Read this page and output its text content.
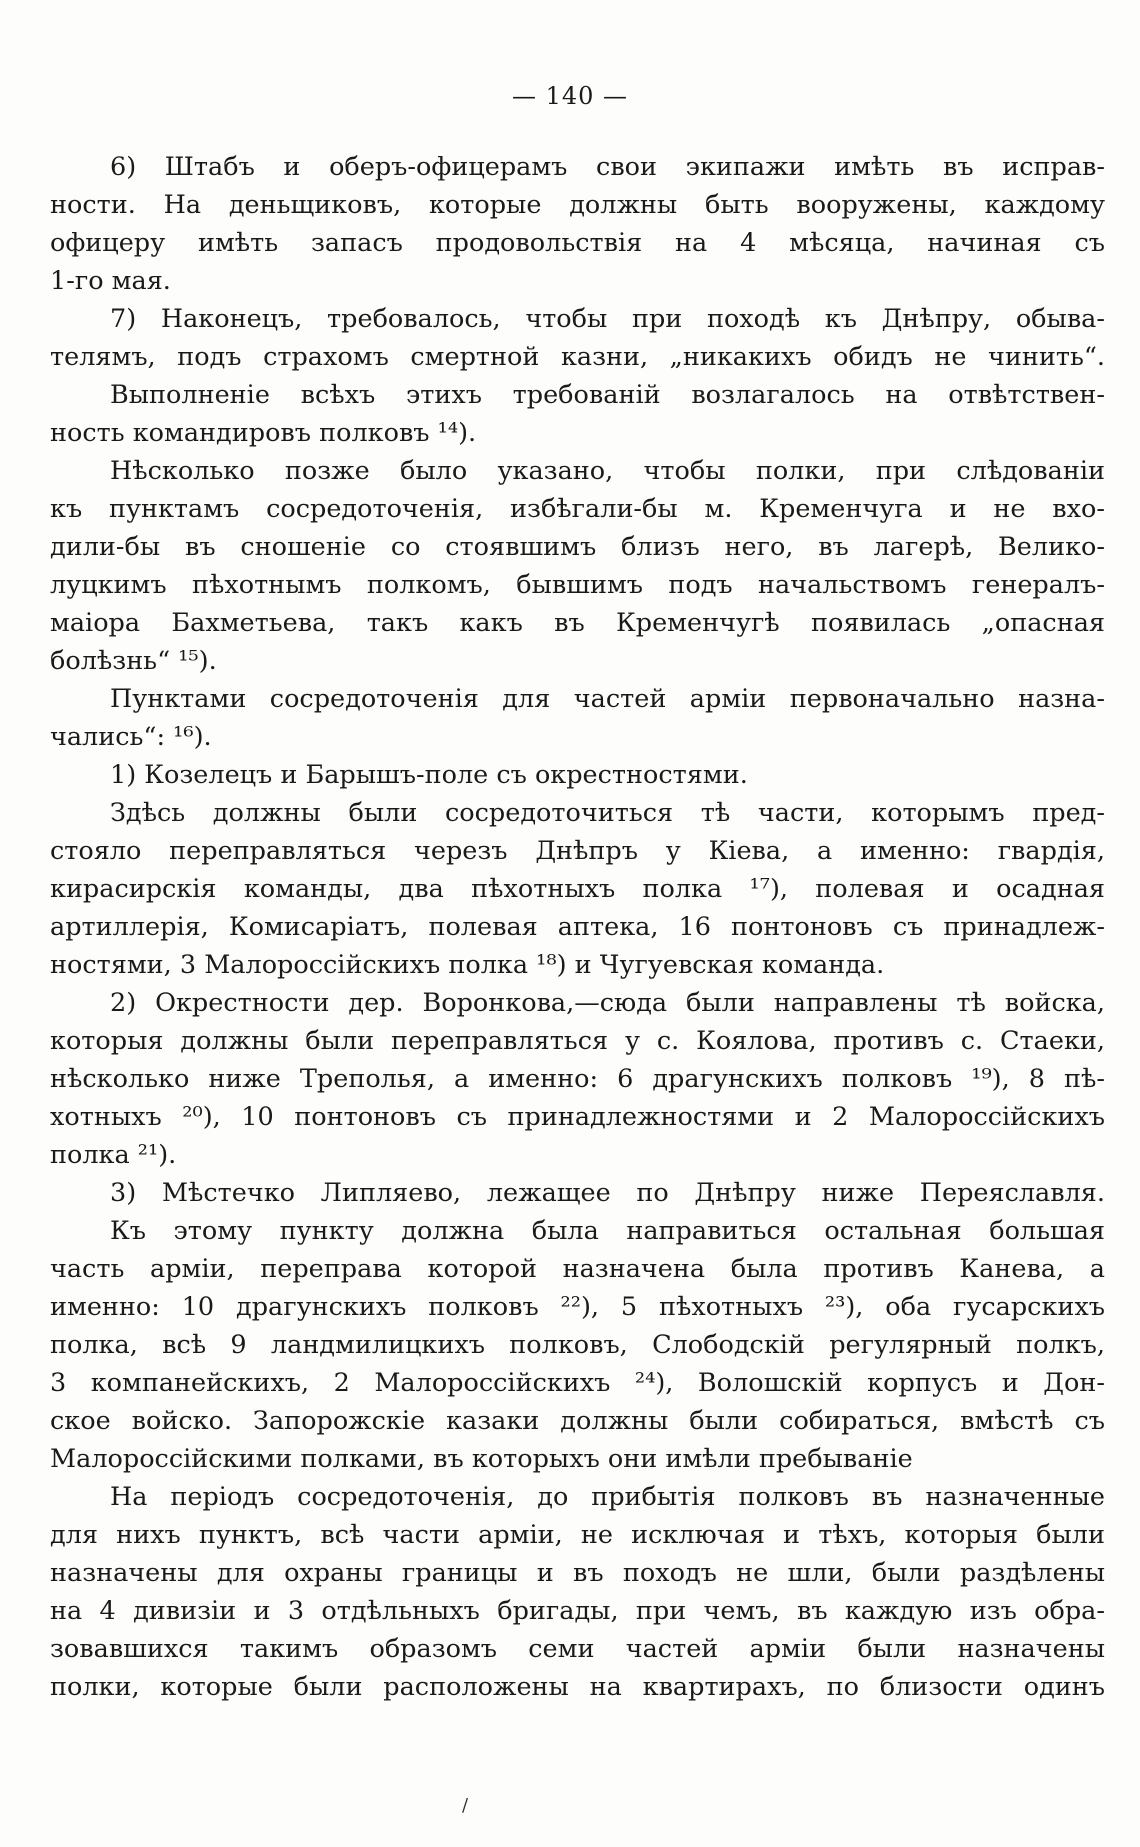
— 140 —
6) Штабъ и оберъ-офицерамъ свои экипажи имѣть въ исправ-
ности. На деньщиковъ, которые должны быть вооружены, каждому
офицеру имѣть запасъ продовольствія на 4 мѣсяца, начиная съ
1-го мая.
7) Наконецъ, требовалось, чтобы при походѣ къ Днѣпру, обыва-
телямъ, подъ страхомъ смертной казни, „никакихъ обидъ не чинить“.
Выполненіе всѣхъ этихъ требованій возлагалось на отвѣтствен-
ность командировъ полковъ ¹⁴).
Нѣсколько позже было указано, чтобы полки, при слѣдованіи
къ пунктамъ сосредоточенія, избѣгали-бы м. Кременчуга и не вхо-
дили-бы въ сношеніе со стоявшимъ близъ него, въ лагерѣ, Велико-
луцкимъ пѣхотнымъ полкомъ, бывшимъ подъ начальствомъ генералъ-
маіора Бахметьева, такъ какъ въ Кременчугѣ появилась „опасная
болѣзнь“ ¹⁵).
Пунктами сосредоточенія для частей арміи первоначально назна-
чались“: ¹⁶).
1) Козелецъ и Барышъ-поле съ окрестностями.
Здѣсь должны были сосредоточиться тѣ части, которымъ пред-
стояло переправляться черезъ Днѣпръ у Кіева, а именно: гвардія,
кирасирскія команды, два пѣхотныхъ полка ¹⁷), полевая и осадная
артиллерія, Комисаріатъ, полевая аптека, 16 понтоновъ съ принадлеж-
ностями, 3 Малороссійскихъ полка ¹⁸) и Чугуевская команда.
2) Окрестности дер. Воронкова,—сюда были направлены тѣ войска,
которыя должны были переправляться у с. Коялова, противъ с. Стаеки,
нѣсколько ниже Треполья, а именно: 6 драгунскихъ полковъ ¹⁹), 8 пѣ-
хотныхъ ²⁰), 10 понтоновъ съ принадлежностями и 2 Малороссійскихъ
полка ²¹).
3) Мѣстечко Липляево, лежащее по Днѣпру ниже Переяславля.
Къ этому пункту должна была направиться остальная большая
часть арміи, переправа которой назначена была противъ Канева, а
именно: 10 драгунскихъ полковъ ²²), 5 пѣхотныхъ ²³), оба гусарскихъ
полка, всѣ 9 ландмилицкихъ полковъ, Слободскій регулярный полкъ,
3 компанейскихъ, 2 Малороссійскихъ ²⁴), Волошскій корпусъ и Дон-
ское войско. Запорожскіе казаки должны были собираться, вмѣстѣ съ
Малороссійскими полками, въ которыхъ они имѣли пребываніе
На періодъ сосредоточенія, до прибытія полковъ въ назначенные
для нихъ пунктъ, всѣ части арміи, не исключая и тѣхъ, которыя были
назначены для охраны границы и въ походъ не шли, были раздѣлены
на 4 дивизіи и 3 отдѣльныхъ бригады, при чемъ, въ каждую изъ обра-
зовавшихся такимъ образомъ семи частей арміи были назначены
полки, которые были расположены на квартирахъ, по близости одинъ
/
